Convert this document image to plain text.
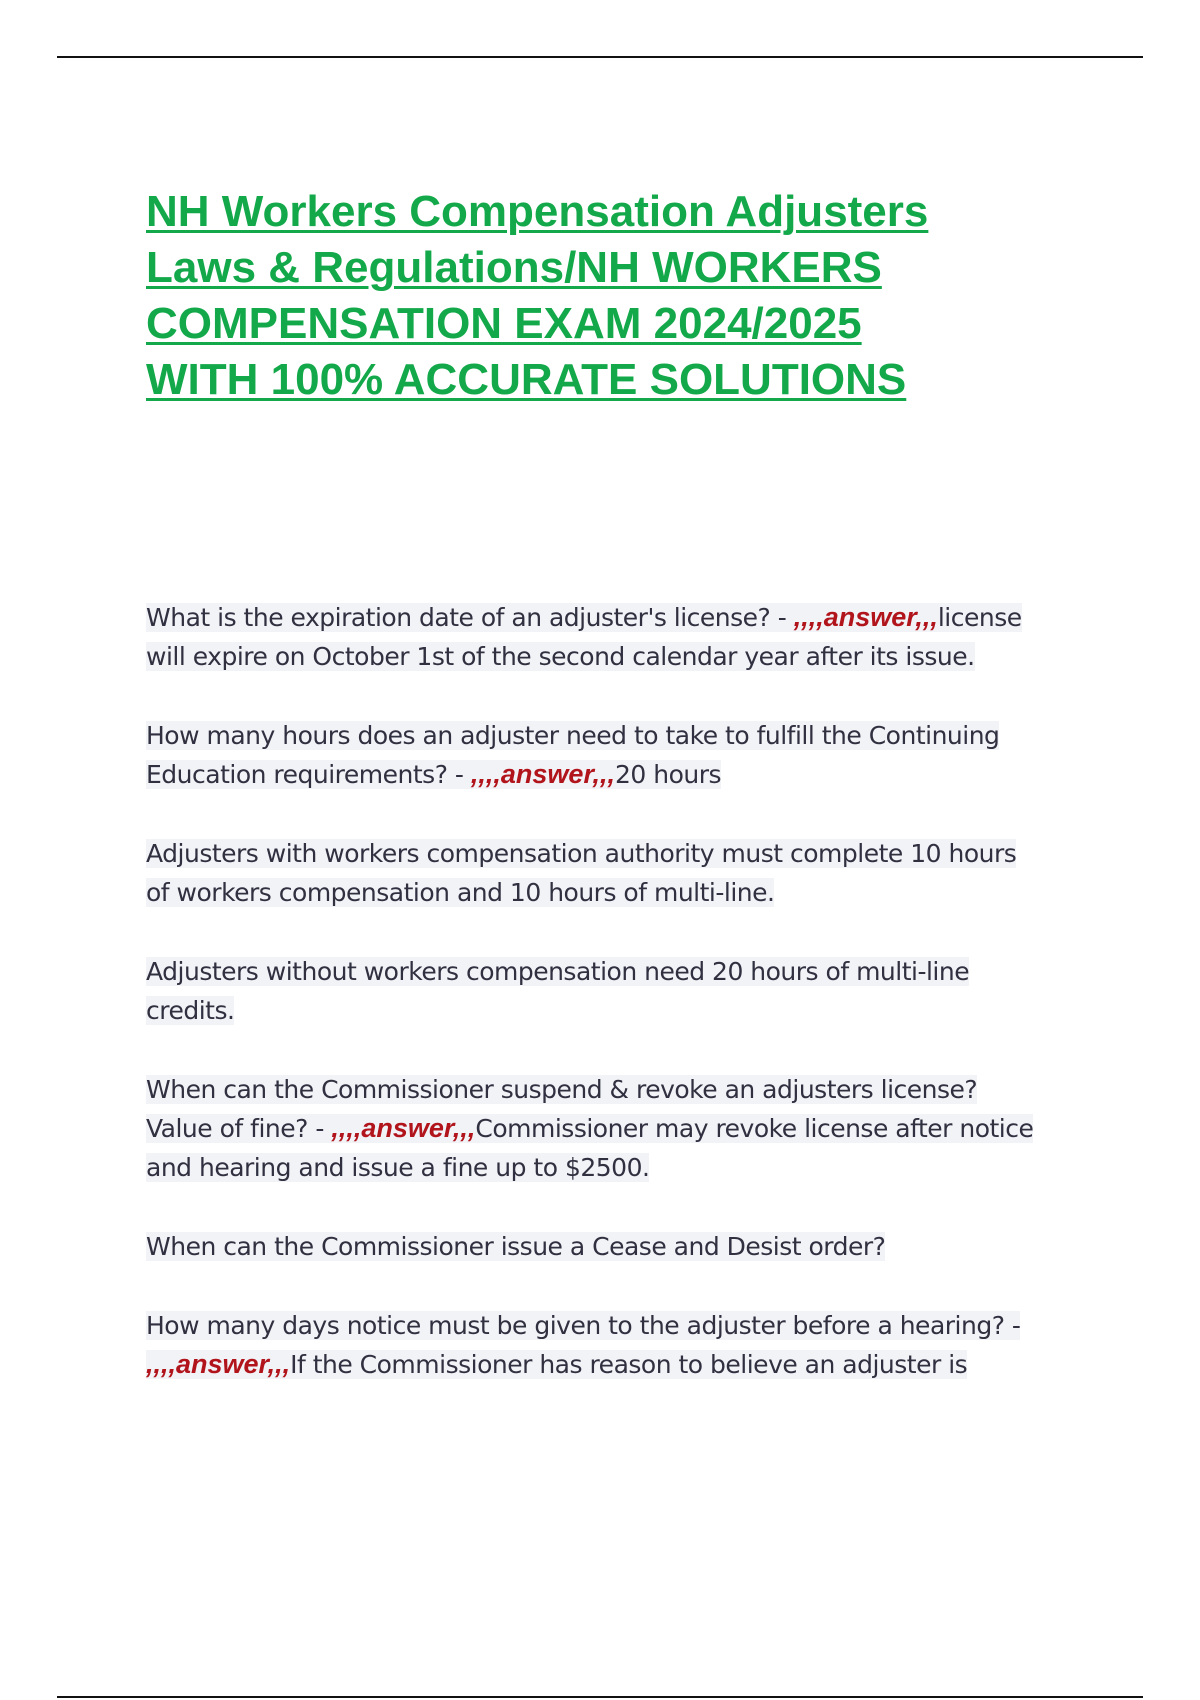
NH Workers Compensation Adjusters
Laws & Regulations/NH WORKERS
COMPENSATION EXAM 2024/2025
WITH 100% ACCURATE SOLUTIONS
What is the expiration date of an adjuster's license? - ,,,,answer,,,license
will expire on October 1st of the second calendar year after its issue.
How many hours does an adjuster need to take to fulfill the Continuing
Education requirements? - ,,,,answer,,,20 hours
Adjusters with workers compensation authority must complete 10 hours
of workers compensation and 10 hours of multi-line.
Adjusters without workers compensation need 20 hours of multi-line
credits.
When can the Commissioner suspend & revoke an adjusters license?
Value of fine? - ,,,,answer,,,Commissioner may revoke license after notice
and hearing and issue a fine up to $2500.
When can the Commissioner issue a Cease and Desist order?
How many days notice must be given to the adjuster before a hearing? -
,,,,answer,,,If the Commissioner has reason to believe an adjuster is
